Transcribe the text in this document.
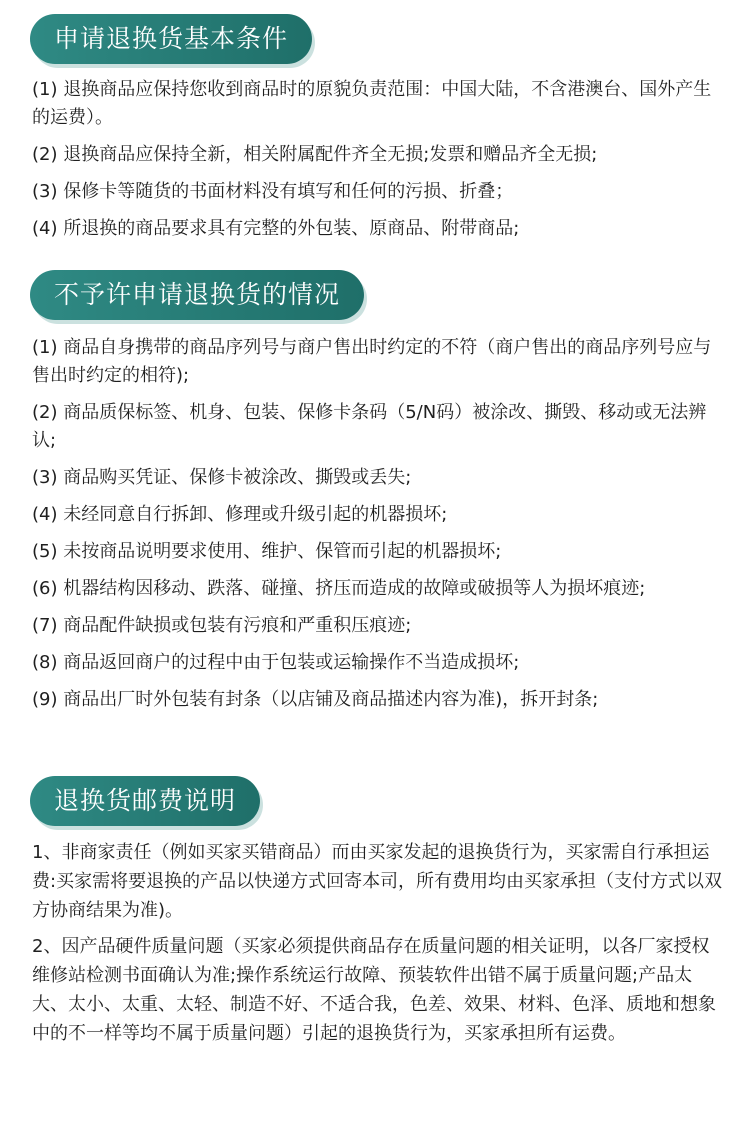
申请退换货基本条件
(1) 退换商品应保持您收到商品时的原貌负责范围：中国大陆，不含港澳台、国外产生的运费）。
(2) 退换商品应保持全新，相关附属配件齐全无损;发票和赠品齐全无损;
(3) 保修卡等随货的书面材料没有填写和任何的污损、折叠；
(4) 所退换的商品要求具有完整的外包装、原商品、附带商品;
不予许申请退换货的情况
(1) 商品自身携带的商品序列号与商户售出时约定的不符（商户售出的商品序列号应与售出时约定的相符);
(2) 商品质保标签、机身、包装、保修卡条码（5/N码）被涂改、撕毁、移动或无法辨认;
(3) 商品购买凭证、保修卡被涂改、撕毁或丢失;
(4) 未经同意自行拆卸、修理或升级引起的机器损坏;
(5) 未按商品说明要求使用、维护、保管而引起的机器损坏;
(6) 机器结构因移动、跌落、碰撞、挤压而造成的故障或破损等人为损坏痕迹;
(7) 商品配件缺损或包装有污痕和严重积压痕迹;
(8) 商品返回商户的过程中由于包装或运输操作不当造成损坏;
(9) 商品出厂时外包装有封条（以店铺及商品描述内容为准)，拆开封条;
退换货邮费说明
1、非商家责任（例如买家买错商品）而由买家发起的退换货行为，买家需自行承担运费:买家需将要退换的产品以快递方式回寄本司，所有费用均由买家承担（支付方式以双方协商结果为准)。
2、因产品硬件质量问题（买家必须提供商品存在质量问题的相关证明，以各厂家授权维修站检测书面确认为准;操作系统运行故障、预装软件出错不属于质量问题;产品太大、太小、太重、太轻、制造不好、不适合我，色差、效果、材料、色泽、质地和想象中的不一样等均不属于质量问题）引起的退换货行为，买家承担所有运费。
